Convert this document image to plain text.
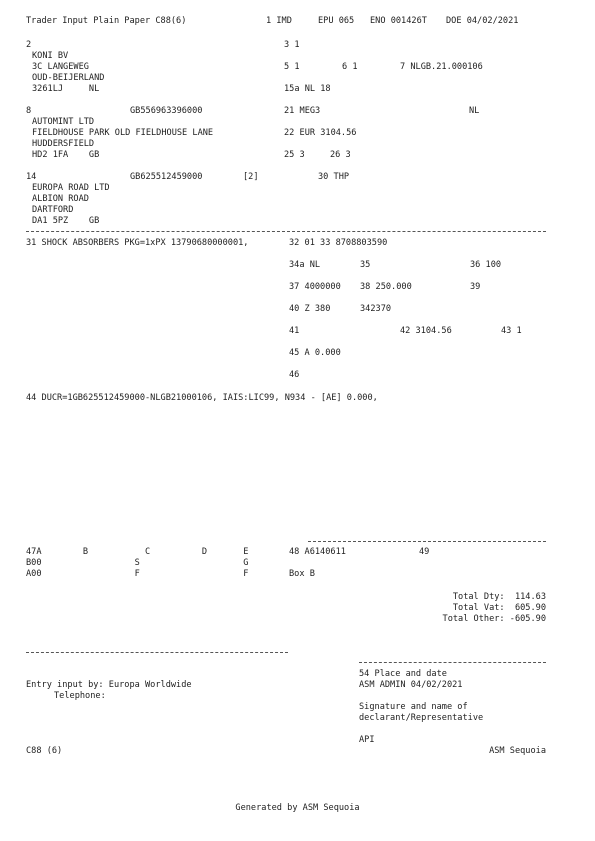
Trader Input Plain Paper C88(6)	1 IMD	EPU 065 ENO 001426T DOE 04/02/2021
2
KONI BV
3C LANGEWEG
OUD-BEIJERLAND
3261LJ     NL
3 1
5 1	6 1	7 NLGB.21.000106
15a NL 18
8	GB556963396000
AUTOMINT LTD
FIELDHOUSE PARK OLD FIELDHOUSE LANE
HUDDERSFIELD
HD2 1FA    GB
21 MEG3	NL
22 EUR 3104.56
25 3	26 3
14	GB625512459000	[2]	30 THP
EUROPA ROAD LTD
ALBION ROAD
DARTFORD
DA1 5PZ    GB
31 SHOCK ABSORBERS PKG=1xPX 13790680000001,	32 01 33 8708803590
34a NL	35	36 100
37 4000000 38 250.000	39
40 Z 380	342370
41	42 3104.56	43 1
45 A 0.000
46
44 DUCR=1GB625512459000-NLGB21000106, IAIS:LIC99, N934 - [AE] 0.000,
47A        B           C          D       E	48 A6140611	49
B00                  S                    G
A00                  F                    F	Box B
Total Dty:  114.63
Total Vat:  605.90
Total Other: -605.90
54 Place and date
Entry input by: Europa Worldwide	ASM ADMIN 04/02/2021
Telephone:
Signature and name of
declarant/Representative
API
C88 (6)	ASM Sequoia
Generated by ASM Sequoia
